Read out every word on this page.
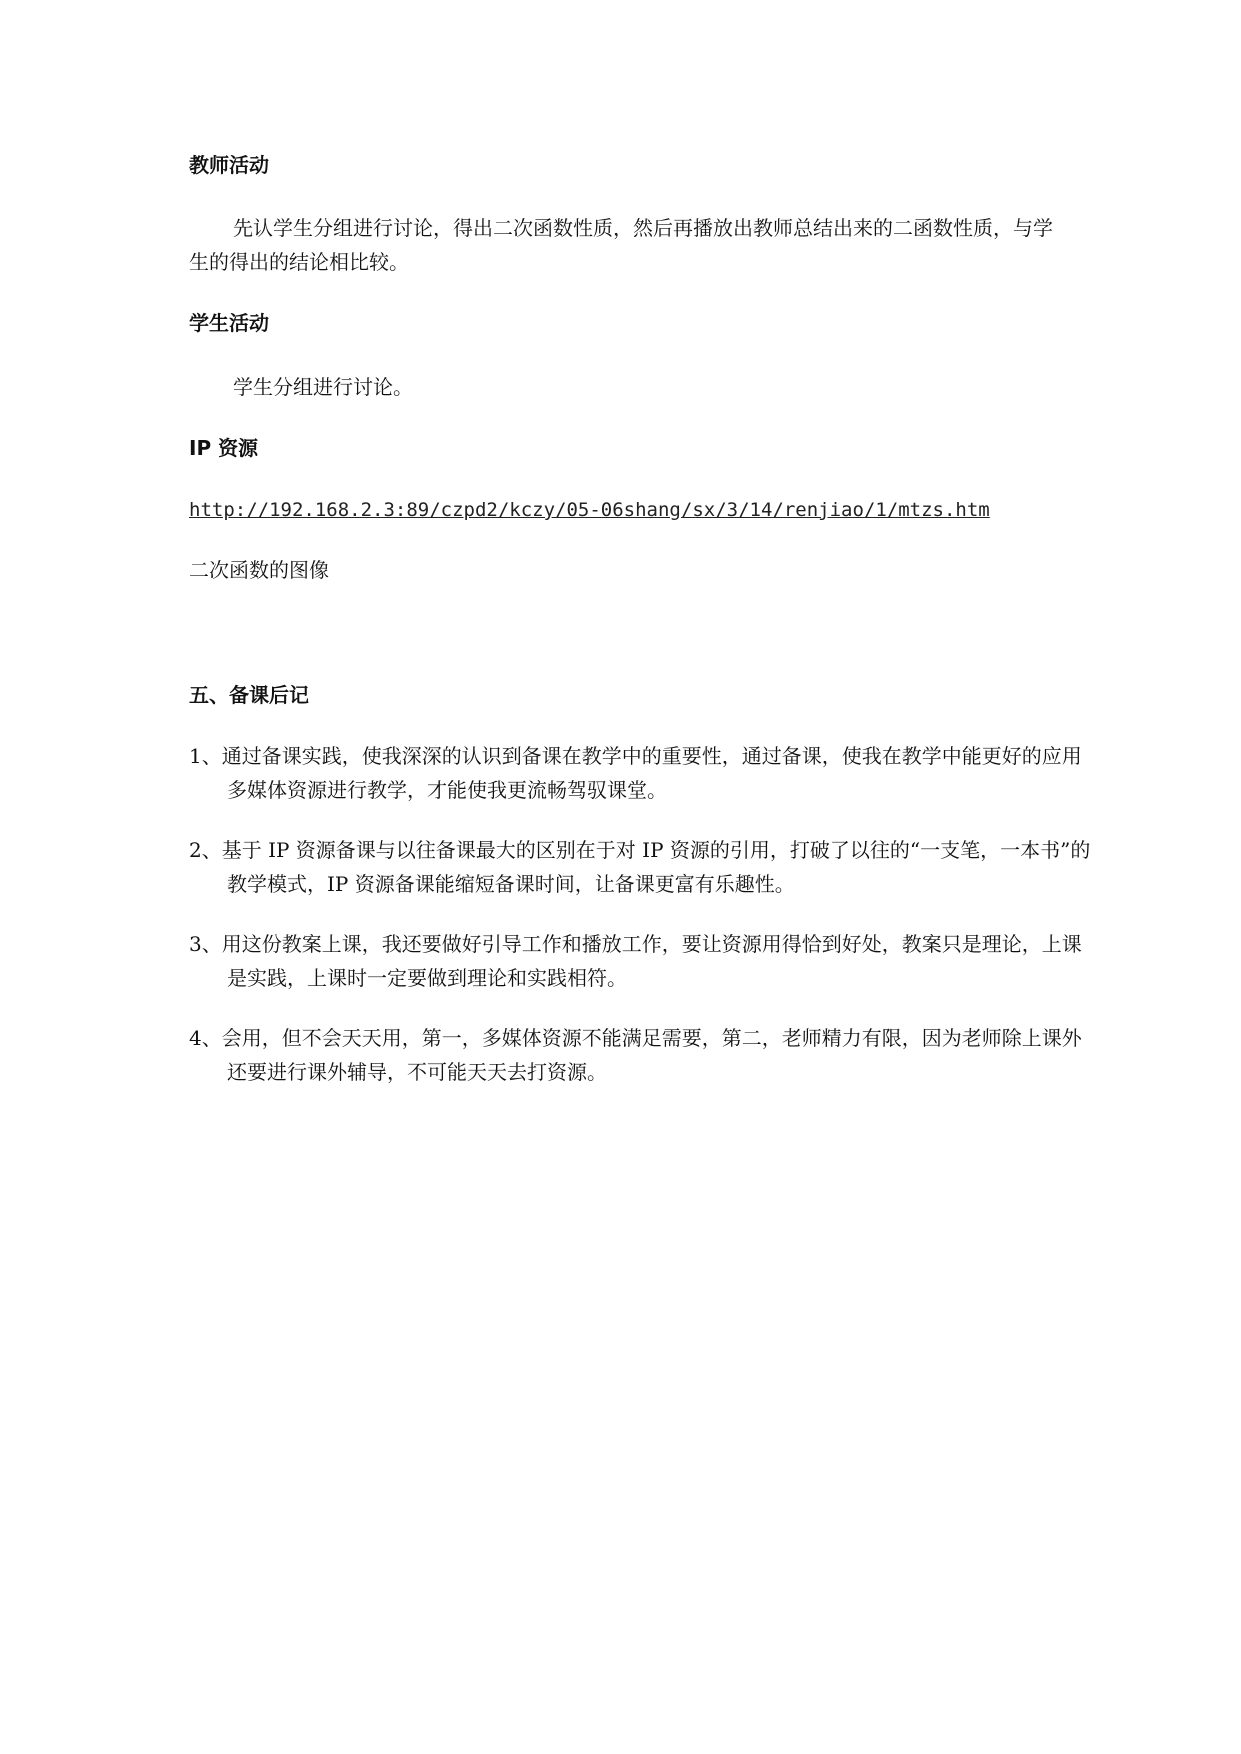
教师活动

先认学生分组进行讨论，得出二次函数性质，然后再播放出教师总结出来的二函数性质，与学生的得出的结论相比较。

学生活动

学生分组进行讨论。

IP 资源
http://192.168.2.3:89/czpd2/kczy/05-06shang/sx/3/14/renjiao/1/mtzs.htm

二次函数的图像

五、备课后记

1、通过备课实践，使我深深的认识到备课在教学中的重要性，通过备课，使我在教学中能更好的应用多媒体资源进行教学，才能使我更流畅驾驭课堂。

2、基于 IP 资源备课与以往备课最大的区别在于对 IP 资源的引用，打破了以往的“一支笔，一本书”的教学模式，IP 资源备课能缩短备课时间，让备课更富有乐趣性。

3、用这份教案上课，我还要做好引导工作和播放工作，要让资源用得恰到好处，教案只是理论，上课是实践，上课时一定要做到理论和实践相符。

4、会用，但不会天天用，第一，多媒体资源不能满足需要，第二，老师精力有限，因为老师除上课外还要进行课外辅导，不可能天天去打资源。
